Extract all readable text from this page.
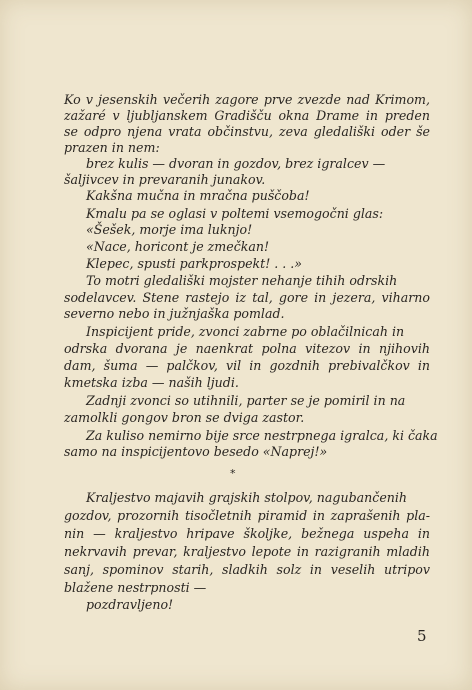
Ko v jesenskih večerih zagore prve zvezde nad Krimom,
zažaré v ljubljanskem Gradišču okna Drame in preden
se odpro njena vrata občinstvu, zeva gledališki oder še
prazen in nem:
brez kulis — dvoran in gozdov, brez igralcev —
šaljivcev in prevaranih junakov.
Kakšna mučna in mračna puščoba!
Kmalu pa se oglasi v poltemi vsemogočni glas:
«Šešek, morje ima luknjo!
«Nace, horicont je zmečkan!
Klepec, spusti parkprospekt! . . .»
To motri gledališki mojster nehanje tihih odrskih
sodelavcev. Stene rastejo iz tal, gore in jezera, viharno
severno nebo in južnjaška pomlad.
Inspicijent pride, zvonci zabrne po oblačilnicah in
odrska dvorana je naenkrat polna vitezov in njihovih
dam, šuma — palčkov, vil in gozdnih prebivalčkov in
kmetska izba — naših ljudi.
Zadnji zvonci so utihnili, parter se je pomiril in na
zamolkli gongov bron se dviga zastor.
Za kuliso nemirno bije srce nestrpnega igralca, ki čaka
samo na inspicijentovo besedo «Naprej!»
Kraljestvo majavih grajskih stolpov, nagubančenih
gozdov, prozornih tisočletnih piramid in zaprašenih pla-
nin — kraljestvo hripave školjke, bežnega uspeha in
nekrvavih prevar, kraljestvo lepote in razigranih mladih
sanj, spominov starih, sladkih solz in veselih utripov
blažene nestrpnosti —
pozdravljeno!
*
5
